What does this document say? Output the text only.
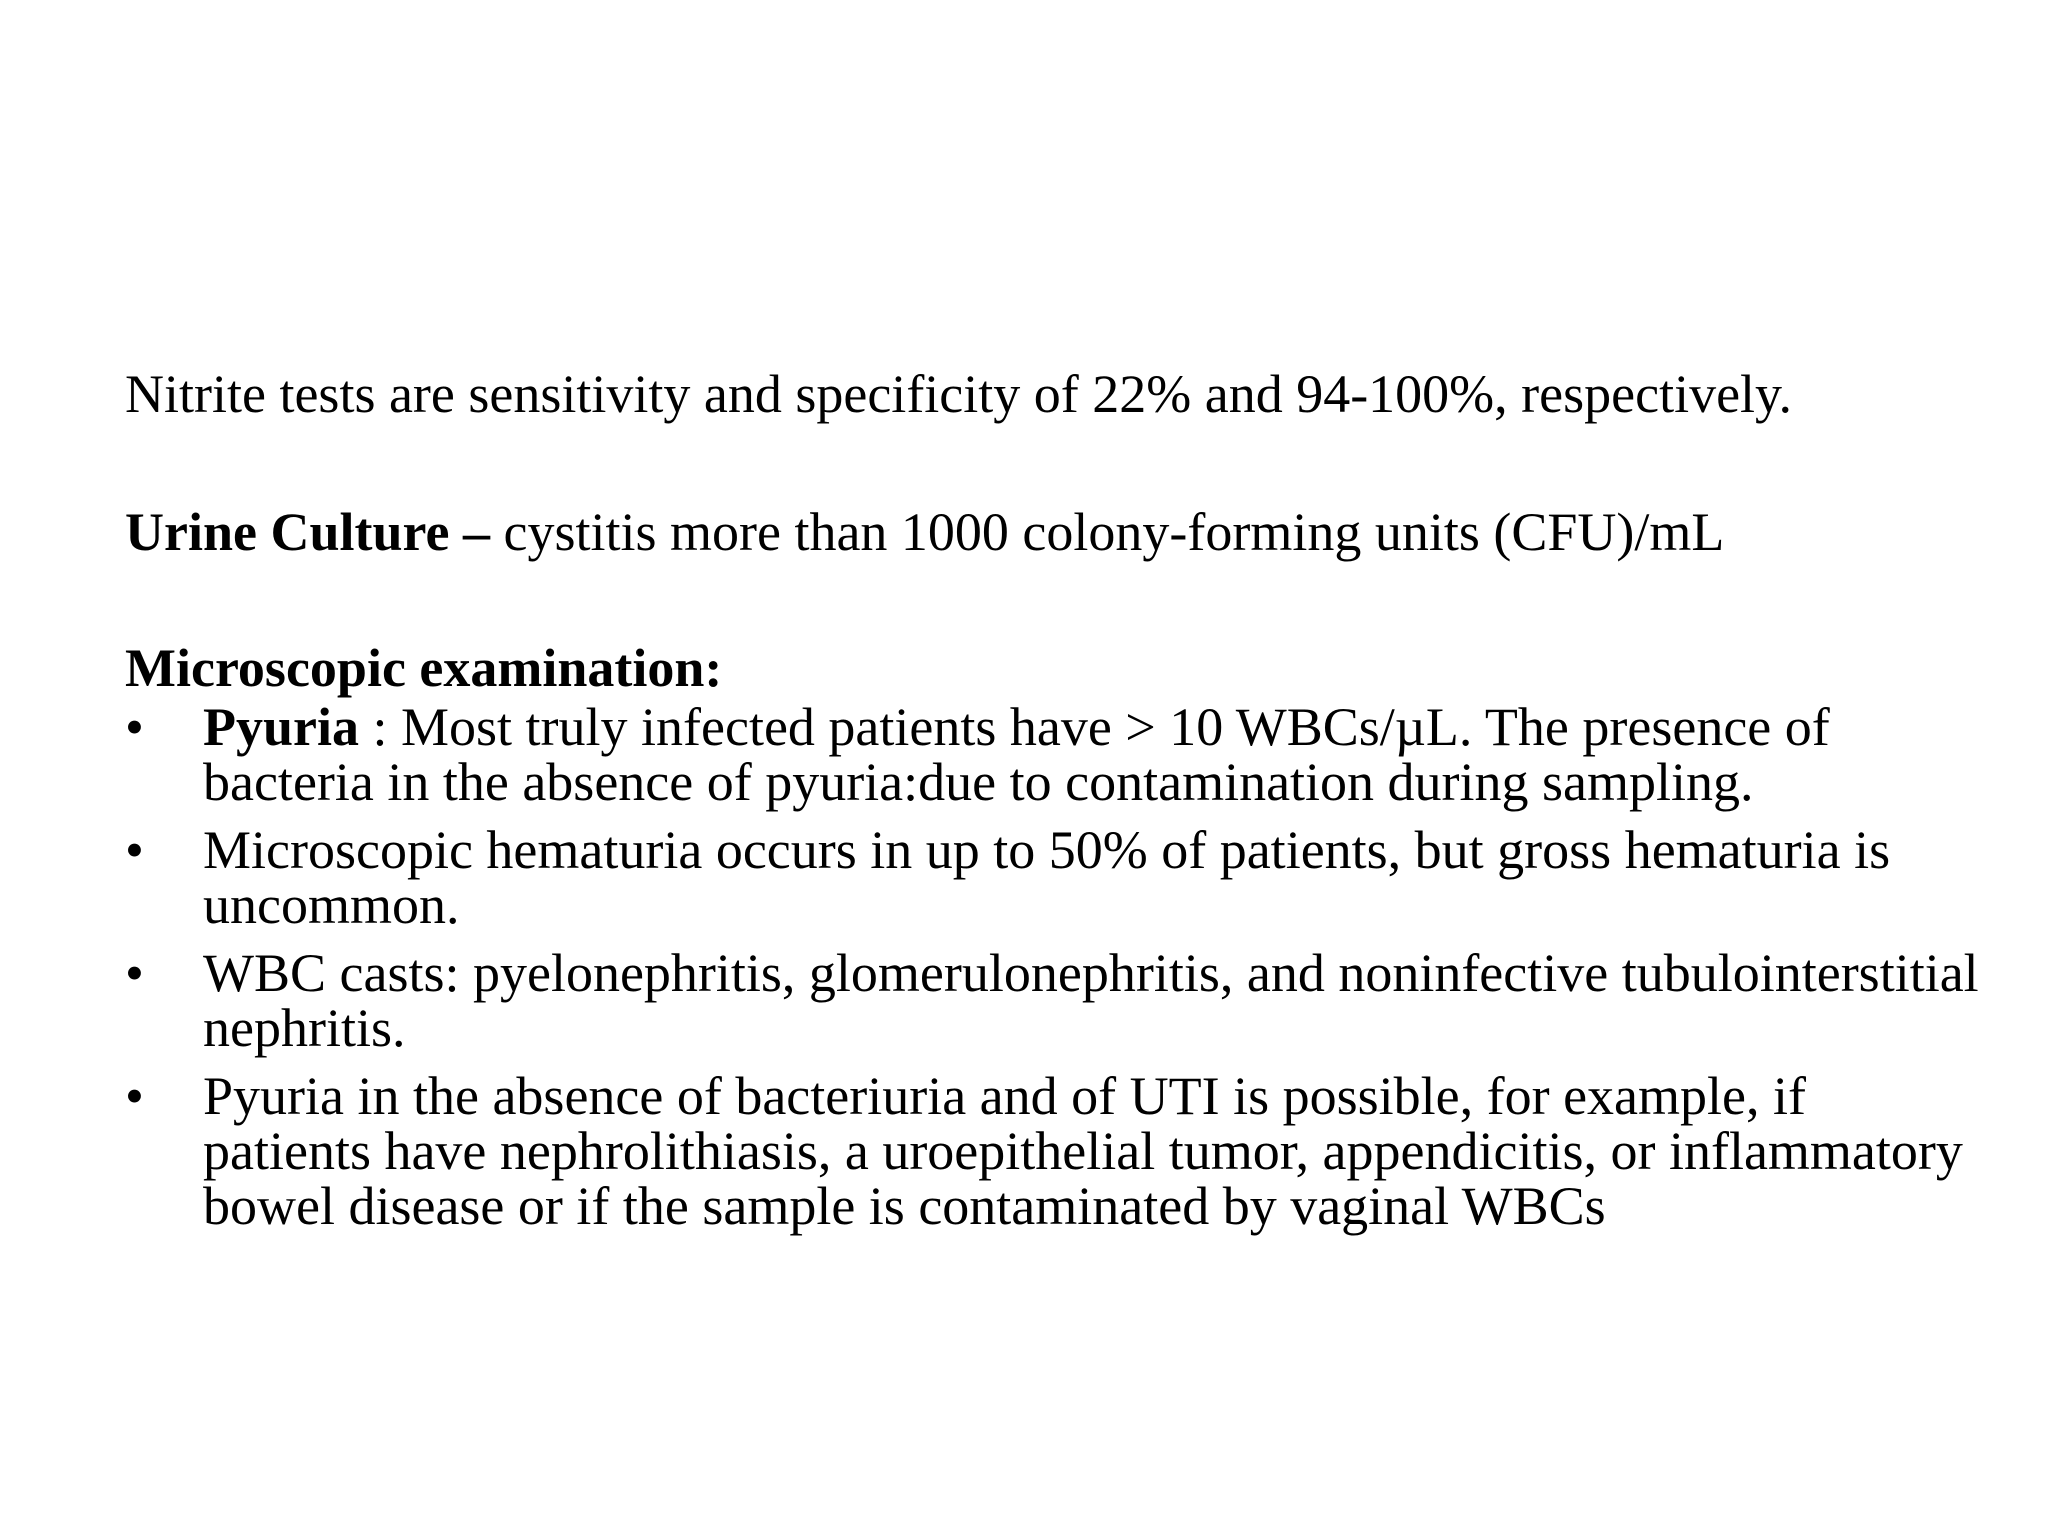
Nitrite tests are sensitivity and specificity of 22% and 94-100%, respectively.

Urine Culture – cystitis more than 1000 colony-forming units (CFU)/mL

Microscopic examination:

• Pyuria : Most truly infected patients have > 10 WBCs/µL. The presence of bacteria in the absence of pyuria:due to contamination during sampling.
• Microscopic hematuria occurs in up to 50% of patients, but gross hematuria is uncommon.
• WBC casts: pyelonephritis, glomerulonephritis, and noninfective tubulointerstitial nephritis.
• Pyuria in the absence of bacteriuria and of UTI is possible, for example, if patients have nephrolithiasis, a uroepithelial tumor, appendicitis, or inflammatory bowel disease or if the sample is contaminated by vaginal WBCs
